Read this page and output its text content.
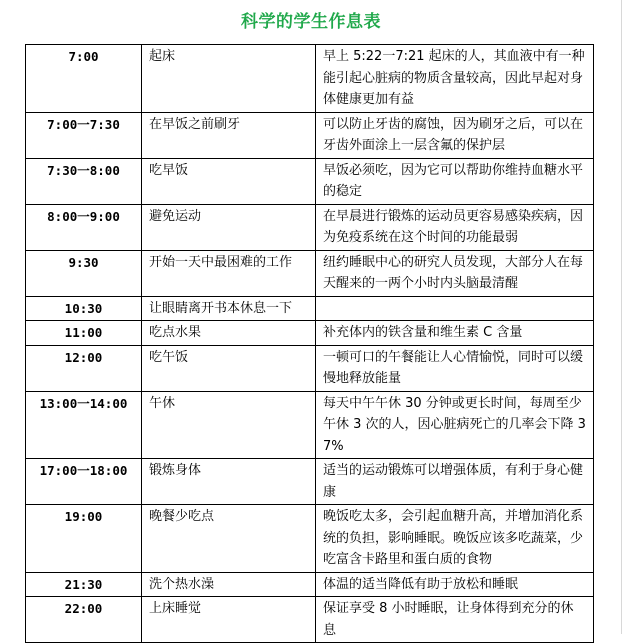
科学的学生作息表
7:00	起床	早上 5:22一7:21 起床的人，其血液中有一种能引起心脏病的物质含量较高，因此早起对身体健康更加有益
7:00一7:30	在早饭之前刷牙	可以防止牙齿的腐蚀，因为刷牙之后，可以在牙齿外面涂上一层含氟的保护层
7:30一8:00	吃早饭	早饭必须吃，因为它可以帮助你维持血糖水平的稳定
8:00一9:00	避免运动	在早晨进行锻炼的运动员更容易感染疾病，因为免疫系统在这个时间的功能最弱
9:30	开始一天中最困难的工作	纽约睡眠中心的研究人员发现，大部分人在每天醒来的一两个小时内头脑最清醒
10:30	让眼睛离开书本休息一下	
11:00	吃点水果	补充体内的铁含量和维生素 C 含量
12:00	吃午饭	一顿可口的午餐能让人心情愉悦，同时可以缓慢地释放能量
13:00一14:00	午休	每天中午午休 30 分钟或更长时间，每周至少午休 3 次的人，因心脏病死亡的几率会下降 37%
17:00一18:00	锻炼身体	适当的运动锻炼可以增强体质，有利于身心健康
19:00	晚餐少吃点	晚饭吃太多，会引起血糖升高，并增加消化系统的负担，影响睡眠。晚饭应该多吃蔬菜，少吃富含卡路里和蛋白质的食物
21:30	洗个热水澡	体温的适当降低有助于放松和睡眠
22:00	上床睡觉	保证享受 8 小时睡眠，让身体得到充分的休息
